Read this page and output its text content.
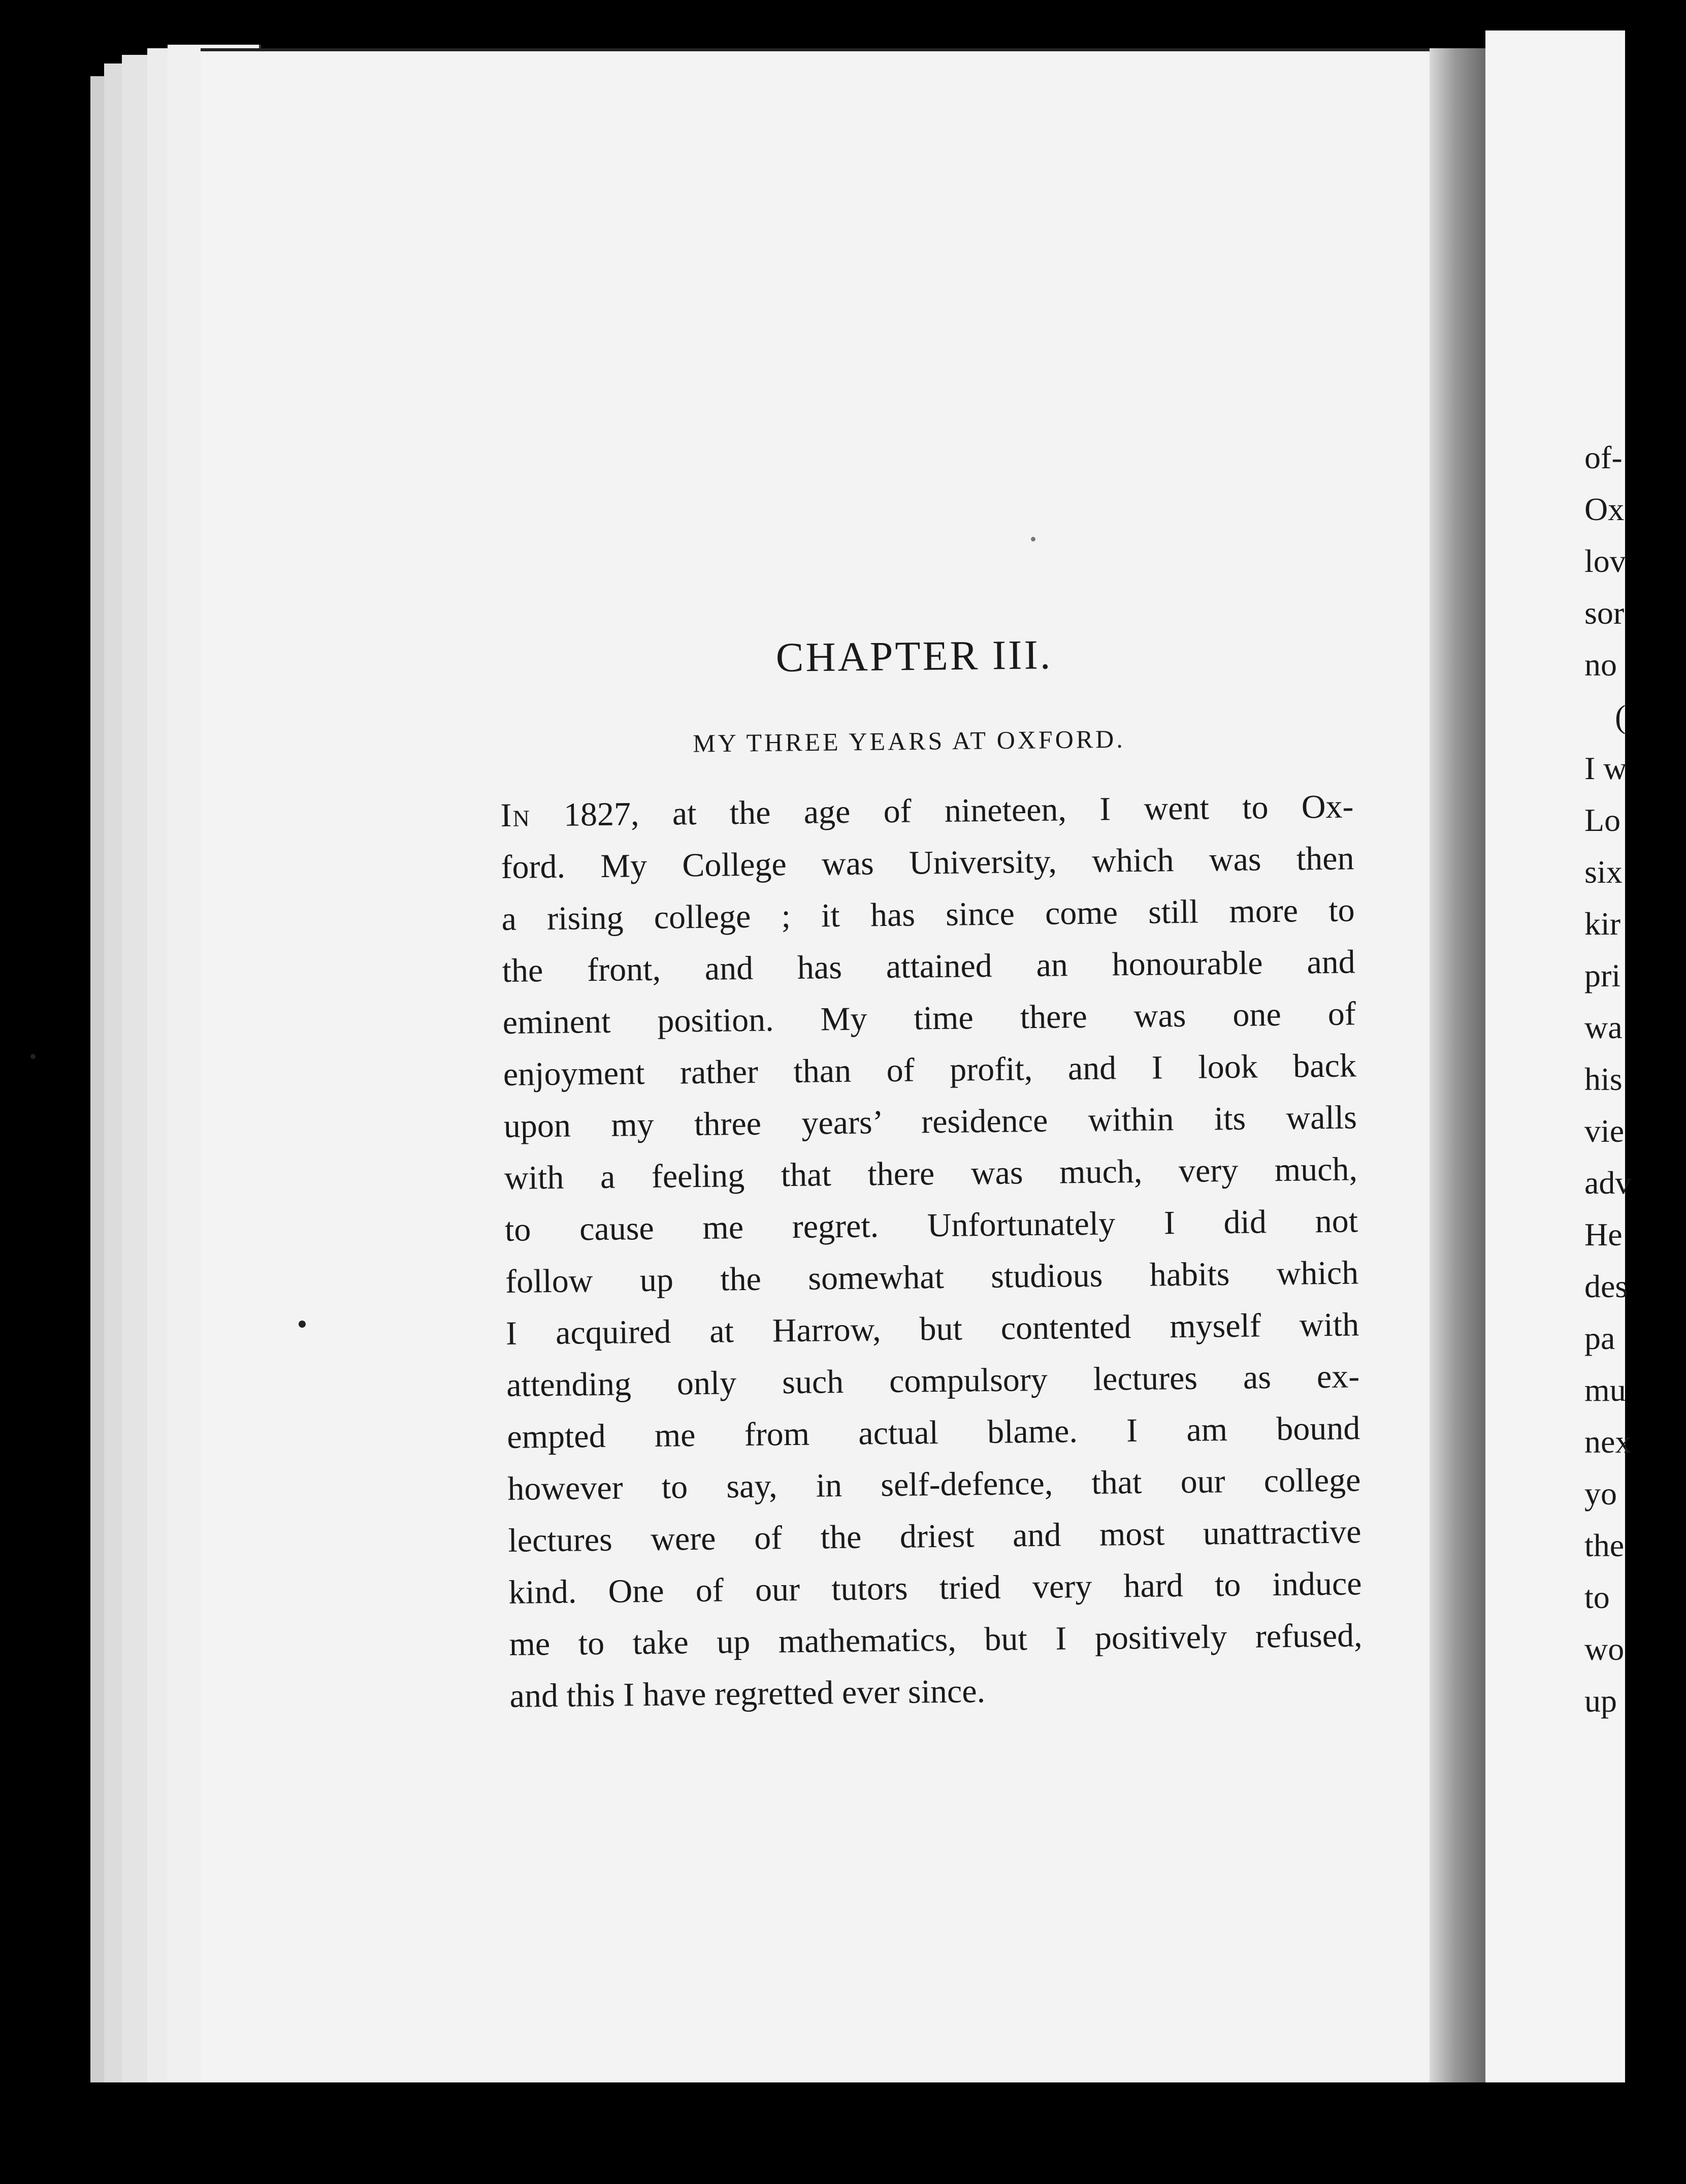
CHAPTER III.
MY THREE YEARS AT OXFORD.
In 1827, at the age of nineteen, I went to Ox-
ford. My College was University, which was then
a rising college ; it has since come still more to
the front, and has attained an honourable and
eminent position. My time there was one of
enjoyment rather than of profit, and I look back
upon my three years’ residence within its walls
with a feeling that there was much, very much,
to cause me regret. Unfortunately I did not
follow up the somewhat studious habits which
I acquired at Harrow, but contented myself with
attending only such compulsory lectures as ex-
empted me from actual blame. I am bound
however to say, in self-defence, that our college
lectures were of the driest and most unattractive
kind. One of our tutors tried very hard to induce
me to take up mathematics, but I positively refused,
and this I have regretted ever since.
of-
Ox
lov
sor
no
(
I w
Lo
six
kir
pri
wa
his
vie
adv
He
des
pa
mu
nex
yo
the
to
wo
up
